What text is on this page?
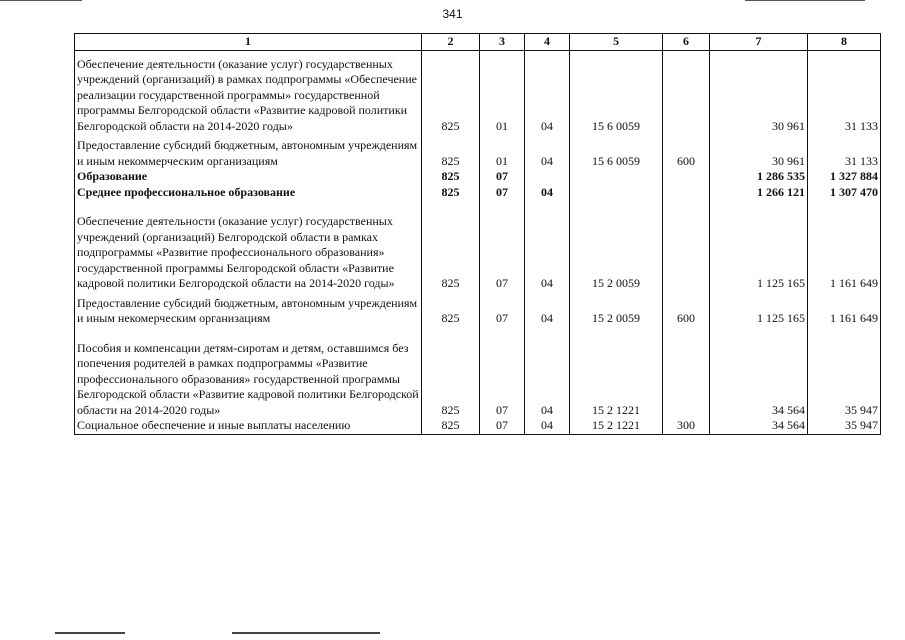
341
1	2	3	4	5	6	7	8
Обеспечение деятельности (оказание услуг) государственных учреждений (организаций) в рамках подпрограммы «Обеспечение реализации государственной программы» государственной программы Белгородской области «Развитие кадровой политики Белгородской области на 2014-2020 годы»	825	01	04	15 6 0059		30 961	31 133
Предоставление субсидий бюджетным, автономным учреждениям и иным некоммерческим организациям	825	01	04	15 6 0059	600	30 961	31 133
Образование	825	07				1 286 535	1 327 884
Среднее профессиональное образование	825	07	04			1 266 121	1 307 470
Обеспечение деятельности (оказание услуг) государственных учреждений (организаций) Белгородской области в рамках подпрограммы «Развитие профессионального образования» государственной программы Белгородской области «Развитие кадровой политики Белгородской области на 2014-2020 годы»	825	07	04	15 2 0059		1 125 165	1 161 649
Предоставление субсидий бюджетным, автономным учреждениям и иным некомерческим организациям	825	07	04	15 2 0059	600	1 125 165	1 161 649
Пособия и компенсации детям-сиротам и детям, оставшимся без попечения родителей в рамках подпрограммы «Развитие профессионального образования» государственной программы Белгородской области «Развитие кадровой политики Белгородской области на 2014-2020 годы»	825	07	04	15 2 1221		34 564	35 947
Социальное обеспечение и иные выплаты населению	825	07	04	15 2 1221	300	34 564	35 947
